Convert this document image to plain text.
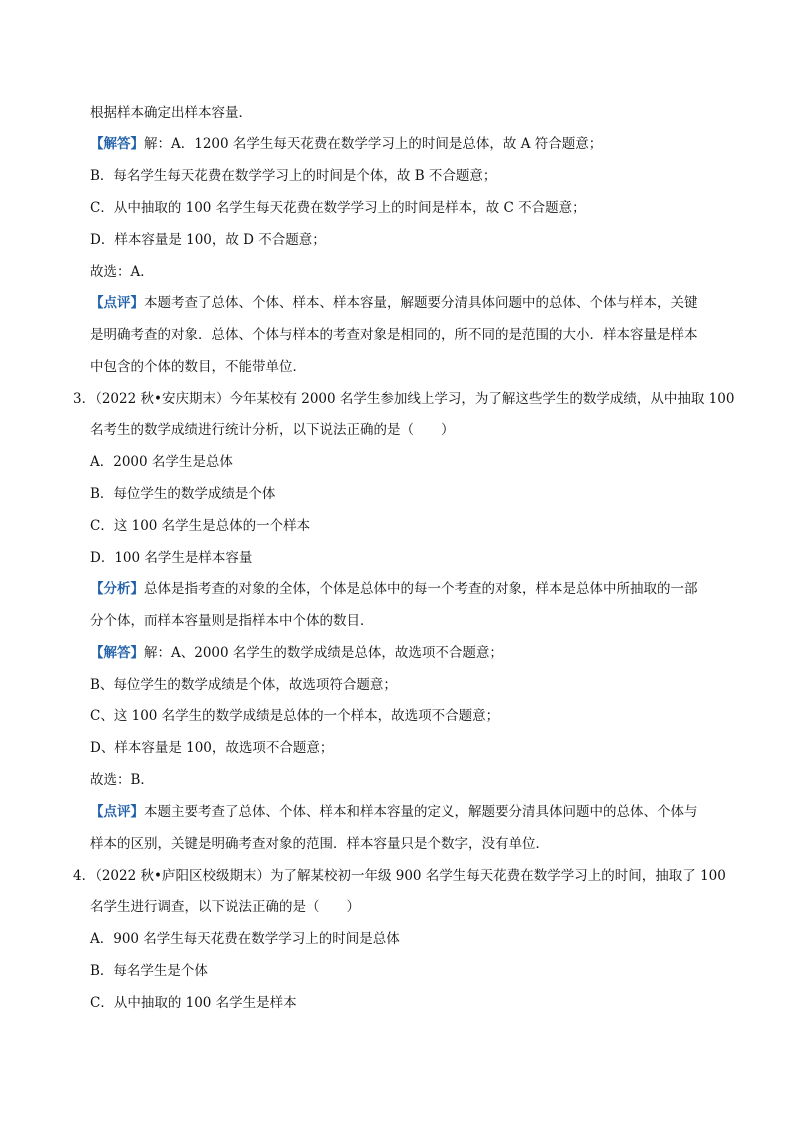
根据样本确定出样本容量．
【解答】解：A．1200 名学生每天花费在数学学习上的时间是总体，故 A 符合题意；
B．每名学生每天花费在数学学习上的时间是个体，故 B 不合题意；
C．从中抽取的 100 名学生每天花费在数学学习上的时间是样本，故 C 不合题意；
D．样本容量是 100，故 D 不合题意；
故选：A．
【点评】本题考查了总体、个体、样本、样本容量，解题要分清具体问题中的总体、个体与样本，关键
是明确考查的对象．总体、个体与样本的考查对象是相同的，所不同的是范围的大小．样本容量是样本
中包含的个体的数目，不能带单位．
3．（2022 秋•安庆期末）今年某校有 2000 名学生参加线上学习，为了解这些学生的数学成绩，从中抽取 100
名考生的数学成绩进行统计分析，以下说法正确的是（　　）
A．2000 名学生是总体
B．每位学生的数学成绩是个体
C．这 100 名学生是总体的一个样本
D．100 名学生是样本容量
【分析】总体是指考查的对象的全体，个体是总体中的每一个考查的对象，样本是总体中所抽取的一部
分个体，而样本容量则是指样本中个体的数目．
【解答】解：A、2000 名学生的数学成绩是总体，故选项不合题意；
B、每位学生的数学成绩是个体，故选项符合题意；
C、这 100 名学生的数学成绩是总体的一个样本，故选项不合题意；
D、样本容量是 100，故选项不合题意；
故选：B．
【点评】本题主要考查了总体、个体、样本和样本容量的定义，解题要分清具体问题中的总体、个体与
样本的区别，关键是明确考查对象的范围．样本容量只是个数字，没有单位．
4．（2022 秋•庐阳区校级期末）为了解某校初一年级 900 名学生每天花费在数学学习上的时间，抽取了 100
名学生进行调查，以下说法正确的是（　　）
A．900 名学生每天花费在数学学习上的时间是总体
B．每名学生是个体
C．从中抽取的 100 名学生是样本
